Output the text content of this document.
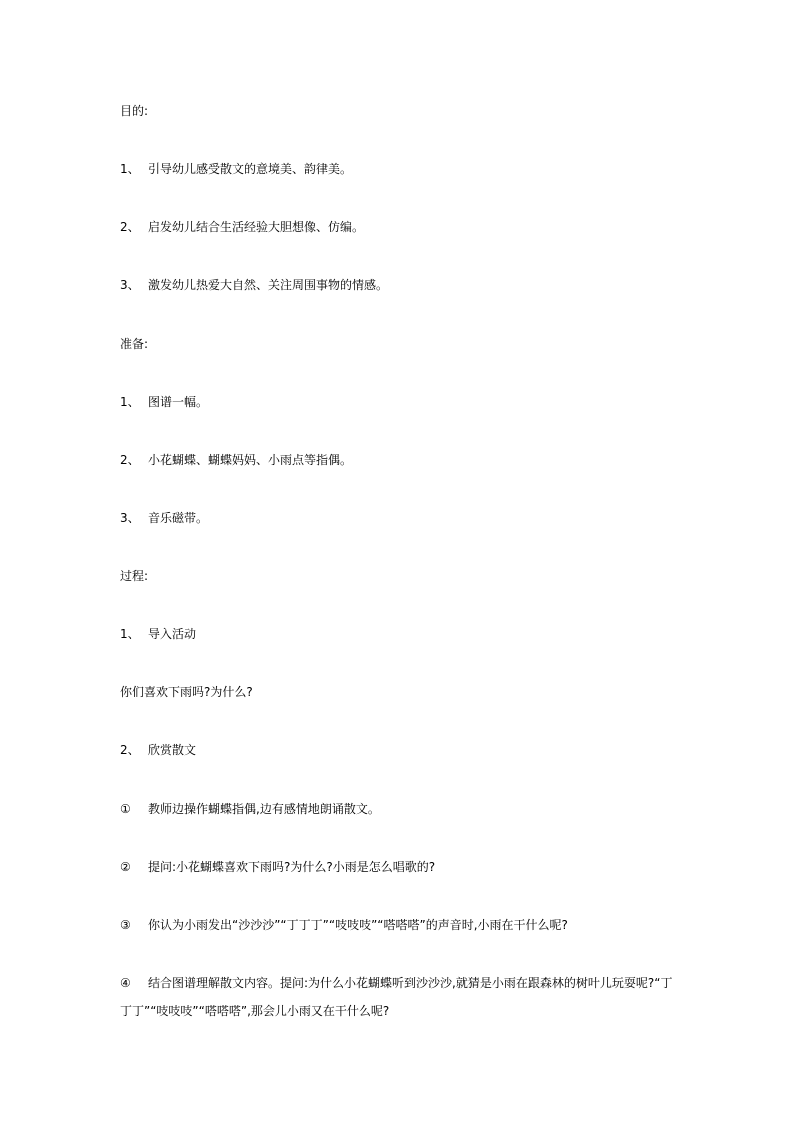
目的:
1、 引导幼儿感受散文的意境美、韵律美。
2、 启发幼儿结合生活经验大胆想像、仿编。
3、 激发幼儿热爱大自然、关注周围事物的情感。
准备:
1、 图谱一幅。
2、 小花蝴蝶、蝴蝶妈妈、小雨点等指偶。
3、 音乐磁带。
过程:
1、 导入活动
你们喜欢下雨吗?为什么?
2、 欣赏散文
① 教师边操作蝴蝶指偶,边有感情地朗诵散文。
② 提问:小花蝴蝶喜欢下雨吗?为什么?小雨是怎么唱歌的?
③ 你认为小雨发出“沙沙沙”“丁丁丁”“吱吱吱”“嗒嗒嗒”的声音时,小雨在干什么呢?
④ 结合图谱理解散文内容。提问:为什么小花蝴蝶听到沙沙沙,就猜是小雨在跟森林的树叶儿玩耍呢?“丁丁丁”“吱吱吱”“嗒嗒嗒”,那会儿小雨又在干什么呢?
